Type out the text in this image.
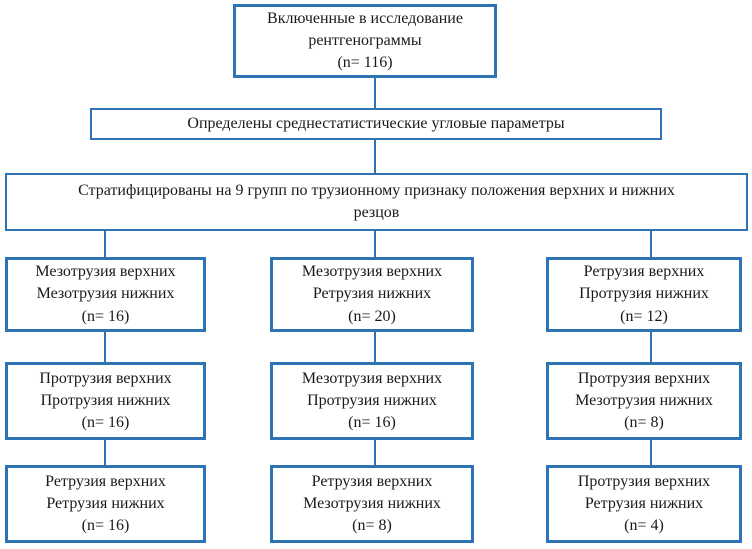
Включенные в исследование
рентгенограммы
(n= 116)
Определены среднестатистические угловые параметры
Стратифицированы на 9 групп по трузионному признаку положения верхних и нижних
резцов
Мезотрузия верхних
Мезотрузия нижних
(n= 16)
Мезотрузия верхних
Ретрузия нижних
(n= 20)
Ретрузия верхних
Протрузия нижних
(n= 12)
Протрузия верхних
Протрузия нижних
(n= 16)
Мезотрузия верхних
Протрузия нижних
(n= 16)
Протрузия верхних
Мезотрузия нижних
(n= 8)
Ретрузия верхних
Ретрузия нижних
(n= 16)
Ретрузия верхних
Мезотрузия нижних
(n= 8)
Протрузия верхних
Ретрузия нижних
(n= 4)
